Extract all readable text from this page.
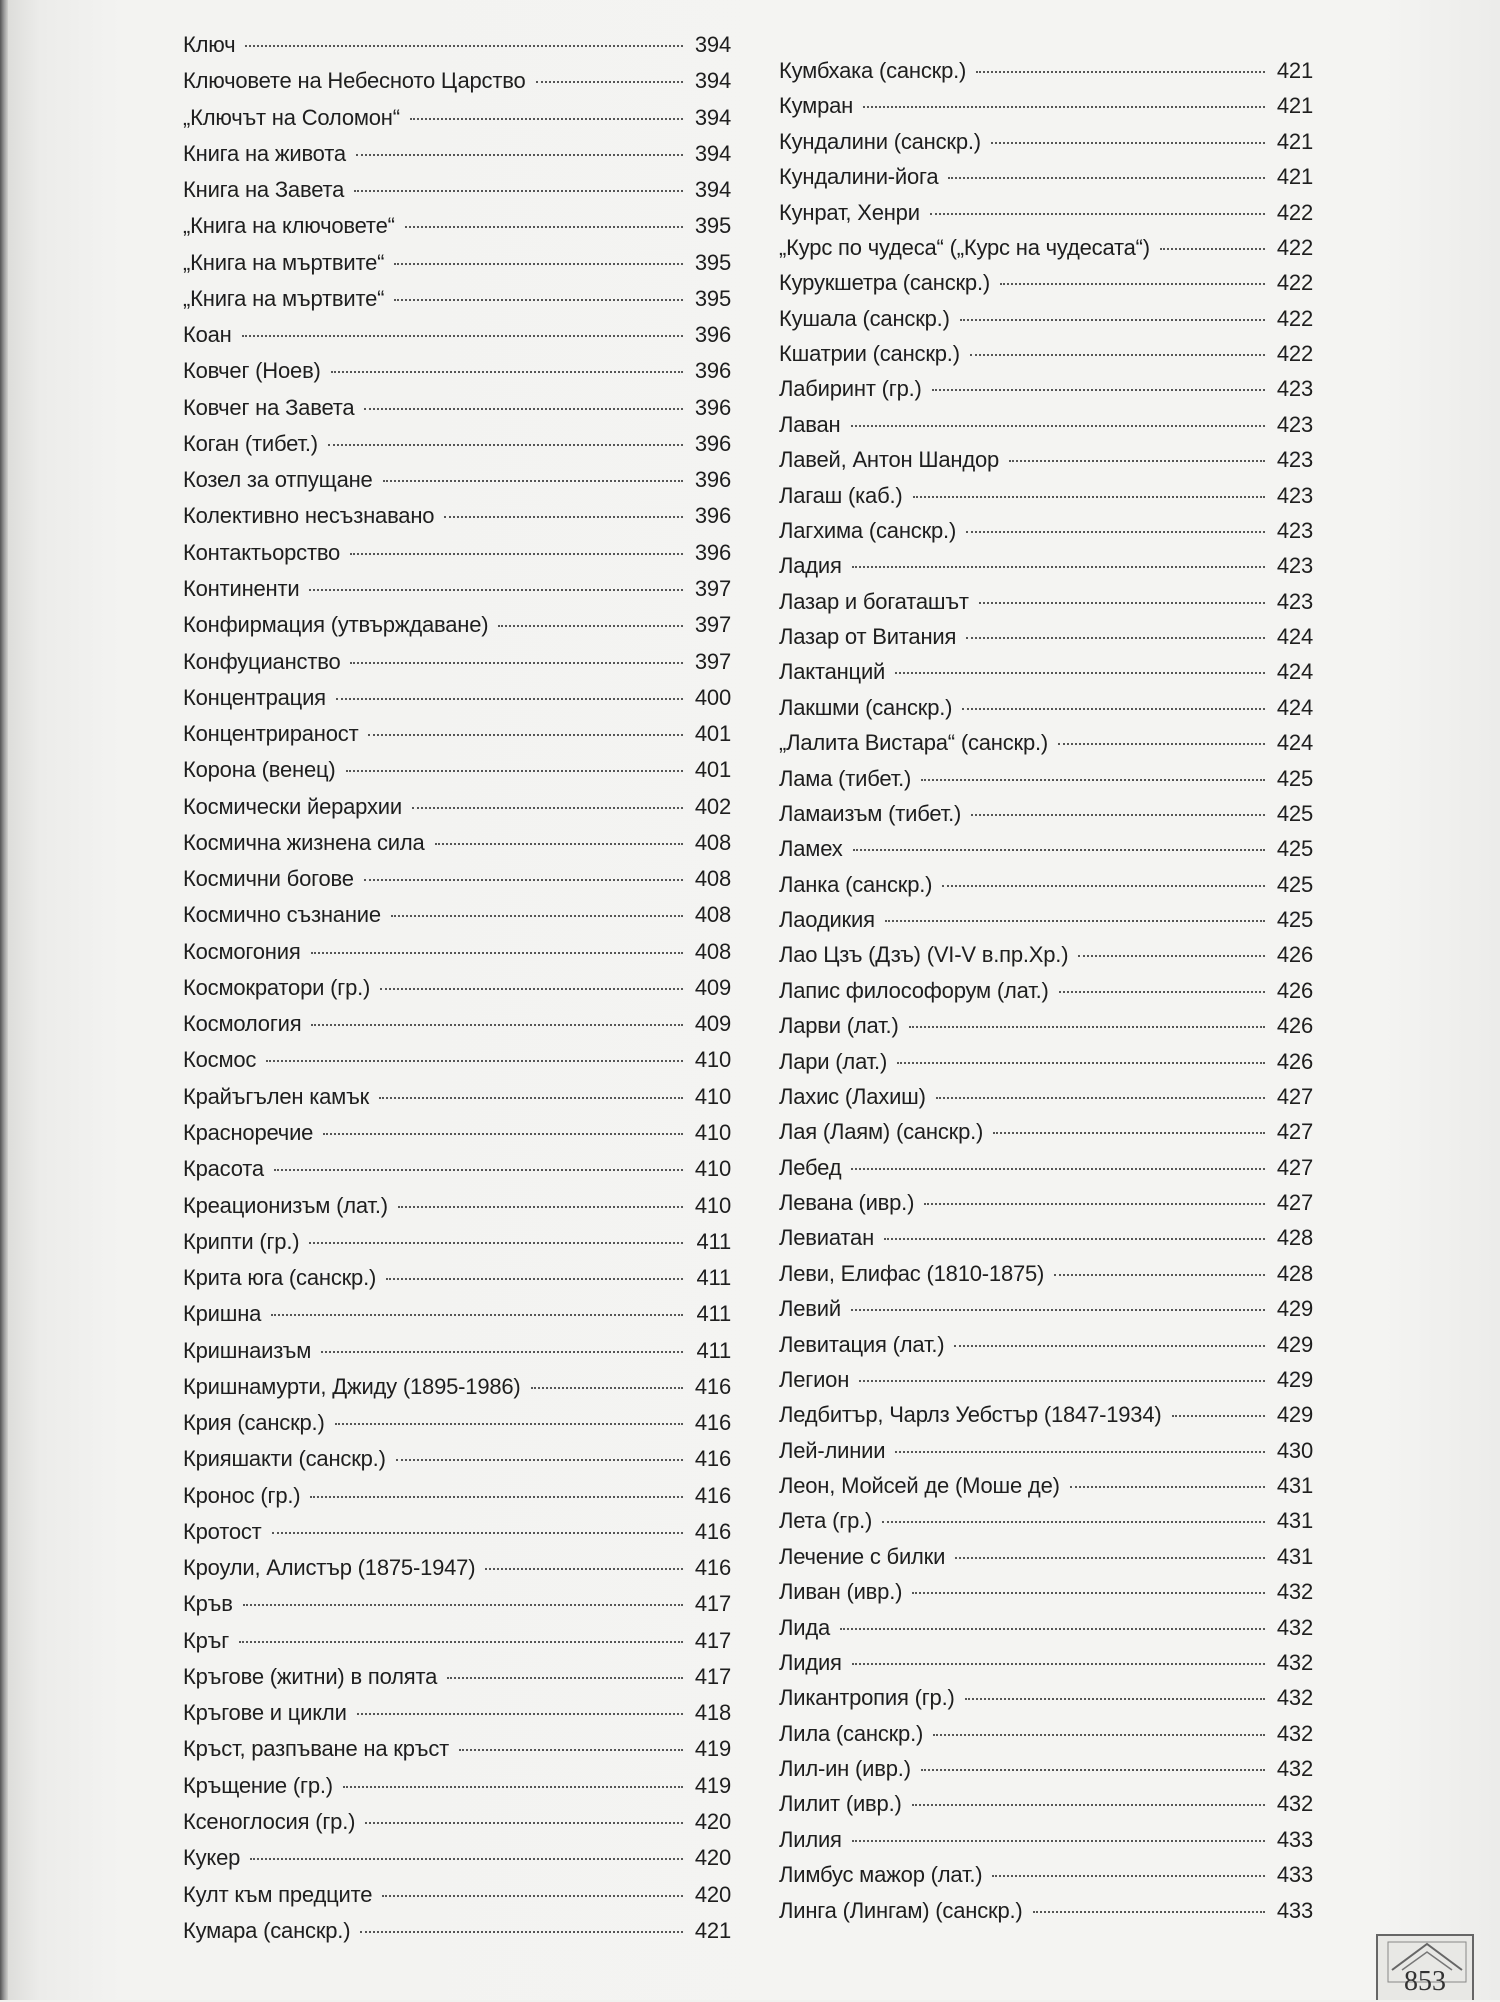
Ключ	394
Ключовете на Небесното Царство	394
„Ключът на Соломон“	394
Книга на живота	394
Книга на Завета	394
„Книга на ключовете“	395
„Книга на мъртвите“	395
„Книга на мъртвите“	395
Коан	396
Ковчег (Ноев)	396
Ковчег на Завета	396
Коган (тибет.)	396
Козел за отпущане	396
Колективно несъзнавано	396
Контактьорство	396
Континенти	397
Конфирмация (утвърждаване)	397
Конфуцианство	397
Концентрация	400
Концентрираност	401
Корона (венец)	401
Космически йерархии	402
Космична жизнена сила	408
Космични богове	408
Космично съзнание	408
Космогония	408
Космократори (гр.)	409
Космология	409
Космос	410
Крайъгълен камък	410
Красноречие	410
Красота	410
Креационизъм (лат.)	410
Крипти (гр.)	411
Крита юга (санскр.)	411
Кришна	411
Кришнаизъм	411
Кришнамурти, Джиду (1895-1986)	416
Крия (санскр.)	416
Крияшакти (санскр.)	416
Кронос (гр.)	416
Кротост	416
Кроули, Алистър (1875-1947)	416
Кръв	417
Кръг	417
Кръгове (житни) в полята	417
Кръгове и цикли	418
Кръст, разпъване на кръст	419
Кръщение (гр.)	419
Ксеноглосия (гр.)	420
Кукер	420
Култ към предците	420
Кумара (санскр.)	421
Кумбхака (санскр.)	421
Кумран	421
Кундалини (санскр.)	421
Кундалини-йога	421
Кунрат, Хенри	422
„Курс по чудеса“ („Курс на чудесата“)	422
Курукшетра (санскр.)	422
Кушала (санскр.)	422
Кшатрии (санскр.)	422
Лабиринт (гр.)	423
Лаван	423
Лавей, Антон Шандор	423
Лагаш (каб.)	423
Лагхима (санскр.)	423
Ладия	423
Лазар и богаташът	423
Лазар от Витания	424
Лактанций	424
Лакшми (санскр.)	424
„Лалита Вистара“ (санскр.)	424
Лама (тибет.)	425
Ламаизъм (тибет.)	425
Ламех	425
Ланка (санскр.)	425
Лаодикия	425
Лао Цзъ (Дзъ) (VI-V в.пр.Хр.)	426
Лапис философорум (лат.)	426
Ларви (лат.)	426
Лари (лат.)	426
Лахис (Лахиш)	427
Лая (Лаям) (санскр.)	427
Лебед	427
Левана (ивр.)	427
Левиатан	428
Леви, Елифас (1810-1875)	428
Левий	429
Левитация (лат.)	429
Легион	429
Ледбитър, Чарлз Уебстър (1847-1934)	429
Лей-линии	430
Леон, Мойсей де (Моше де)	431
Лета (гр.)	431
Лечение с билки	431
Ливан (ивр.)	432
Лида	432
Лидия	432
Ликантропия (гр.)	432
Лила (санскр.)	432
Лил-ин (ивр.)	432
Лилит (ивр.)	432
Лилия	433
Лимбус мажор (лат.)	433
Линга (Лингам) (санскр.)	433
853
